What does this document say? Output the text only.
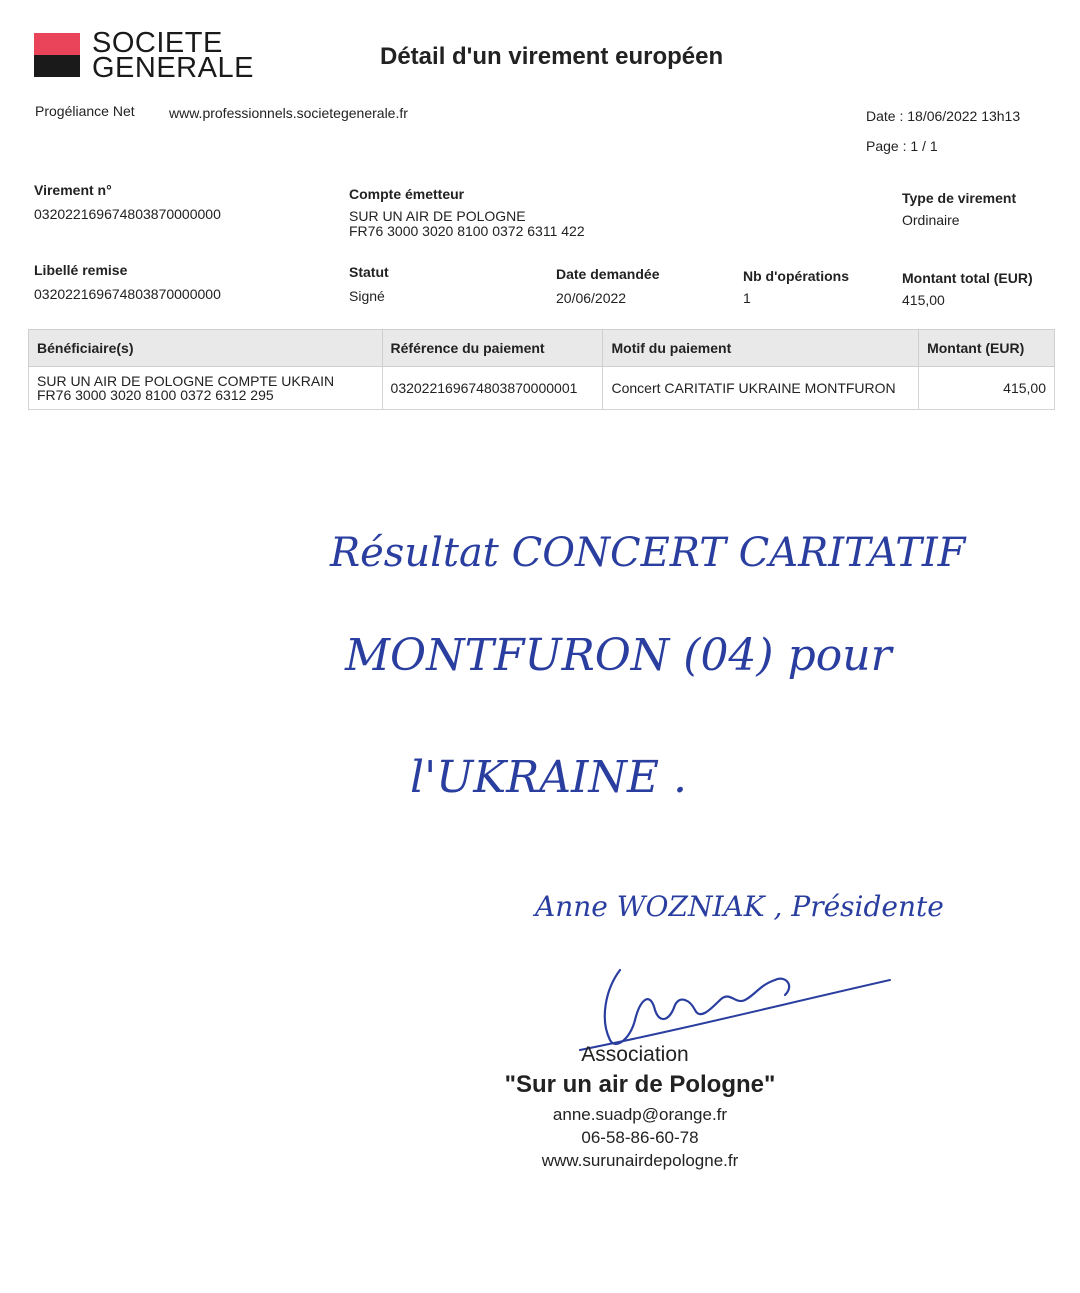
SOCIETE
GENERALE	Détail d'un virement européen
Progéliance Net www.professionnels.societegenerale.fr	Date : 18/06/2022 13h13
Page : 1 / 1
Virement n°
03202216967480387000000​0
Compte émetteur
SUR UN AIR DE POLOGNE
FR76 3000 3020 8100 0372 6311 422
Type de virement
Ordinaire
Libellé remise
03202216967480387000000​0
Statut
Signé
Date demandée
20/06/2022
Nb d'opérations
1
Montant total (EUR)
415,00
Bénéficiaire(s)	Référence du paiement	Motif du paiement	Montant (EUR)

SUR UN AIR DE POLOGNE COMPTE UKRAIN
FR76 3000 3020 8100 0372 6312 295	032022169674803870000001	Concert CARITATIF UKRAINE MONTFURON	415,00
Résultat CONCERT CARITATIF
MONTFURON (04) pour
l'UKRAINE .
Anne WOZNIAK , Présidente
Association
"Sur un air de Pologne"
anne.suadp@orange.fr
06-58-86-60-78
www.surunairdepologne.fr
